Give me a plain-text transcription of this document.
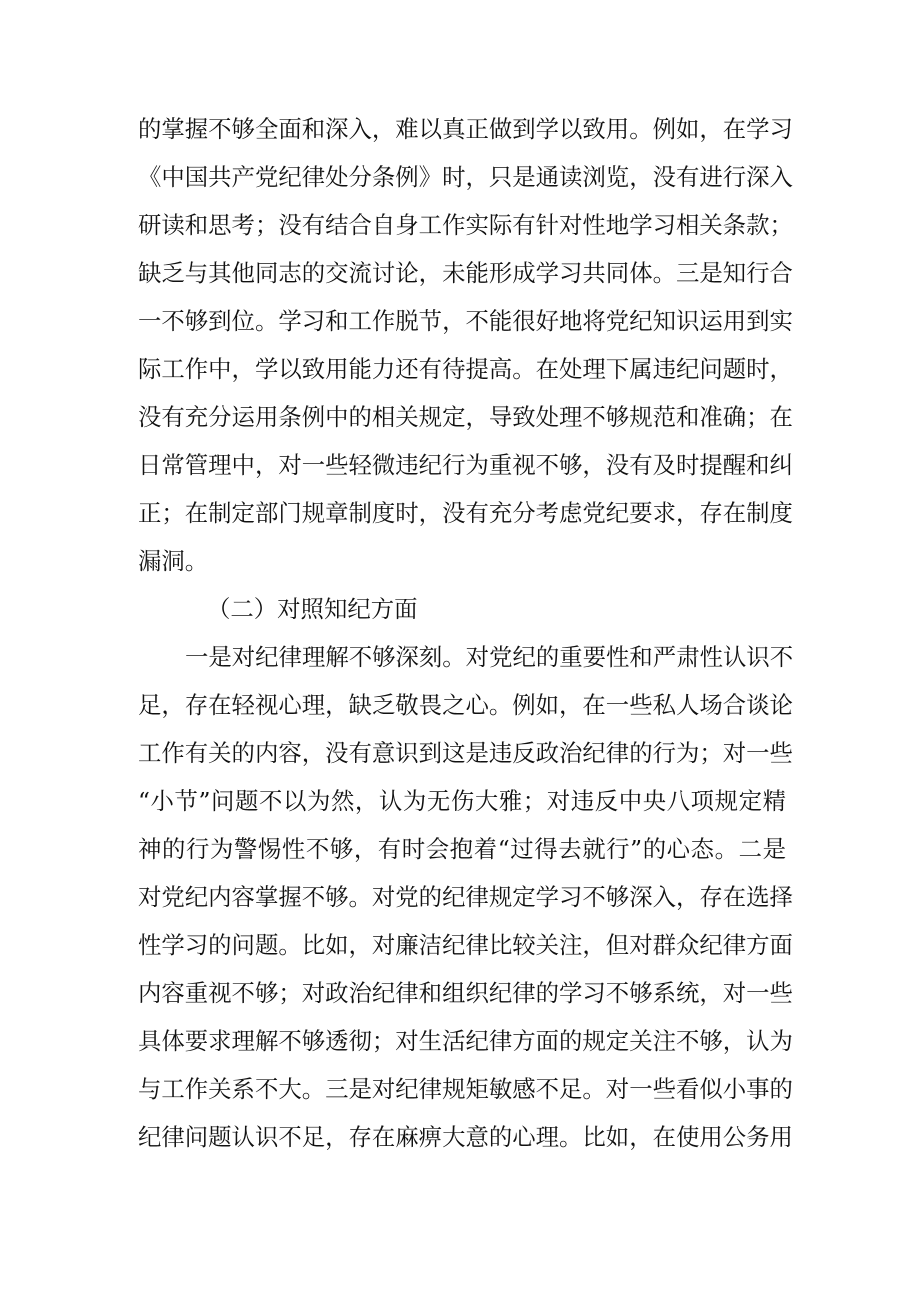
的掌握不够全面和深入，难以真正做到学以致用。例如，在学习
《中国共产党纪律处分条例》时，只是通读浏览，没有进行深入
研读和思考；没有结合自身工作实际有针对性地学习相关条款；
缺乏与其他同志的交流讨论，未能形成学习共同体。三是知行合
一不够到位。学习和工作脱节，不能很好地将党纪知识运用到实
际工作中，学以致用能力还有待提高。在处理下属违纪问题时，
没有充分运用条例中的相关规定，导致处理不够规范和准确；在
日常管理中，对一些轻微违纪行为重视不够，没有及时提醒和纠
正；在制定部门规章制度时，没有充分考虑党纪要求，存在制度
漏洞。
（二）对照知纪方面
一是对纪律理解不够深刻。对党纪的重要性和严肃性认识不
足，存在轻视心理，缺乏敬畏之心。例如，在一些私人场合谈论
工作有关的内容，没有意识到这是违反政治纪律的行为；对一些
“小节”问题不以为然，认为无伤大雅；对违反中央八项规定精
神的行为警惕性不够，有时会抱着“过得去就行”的心态。二是
对党纪内容掌握不够。对党的纪律规定学习不够深入，存在选择
性学习的问题。比如，对廉洁纪律比较关注，但对群众纪律方面
内容重视不够；对政治纪律和组织纪律的学习不够系统，对一些
具体要求理解不够透彻；对生活纪律方面的规定关注不够，认为
与工作关系不大。三是对纪律规矩敏感不足。对一些看似小事的
纪律问题认识不足，存在麻痹大意的心理。比如，在使用公务用
